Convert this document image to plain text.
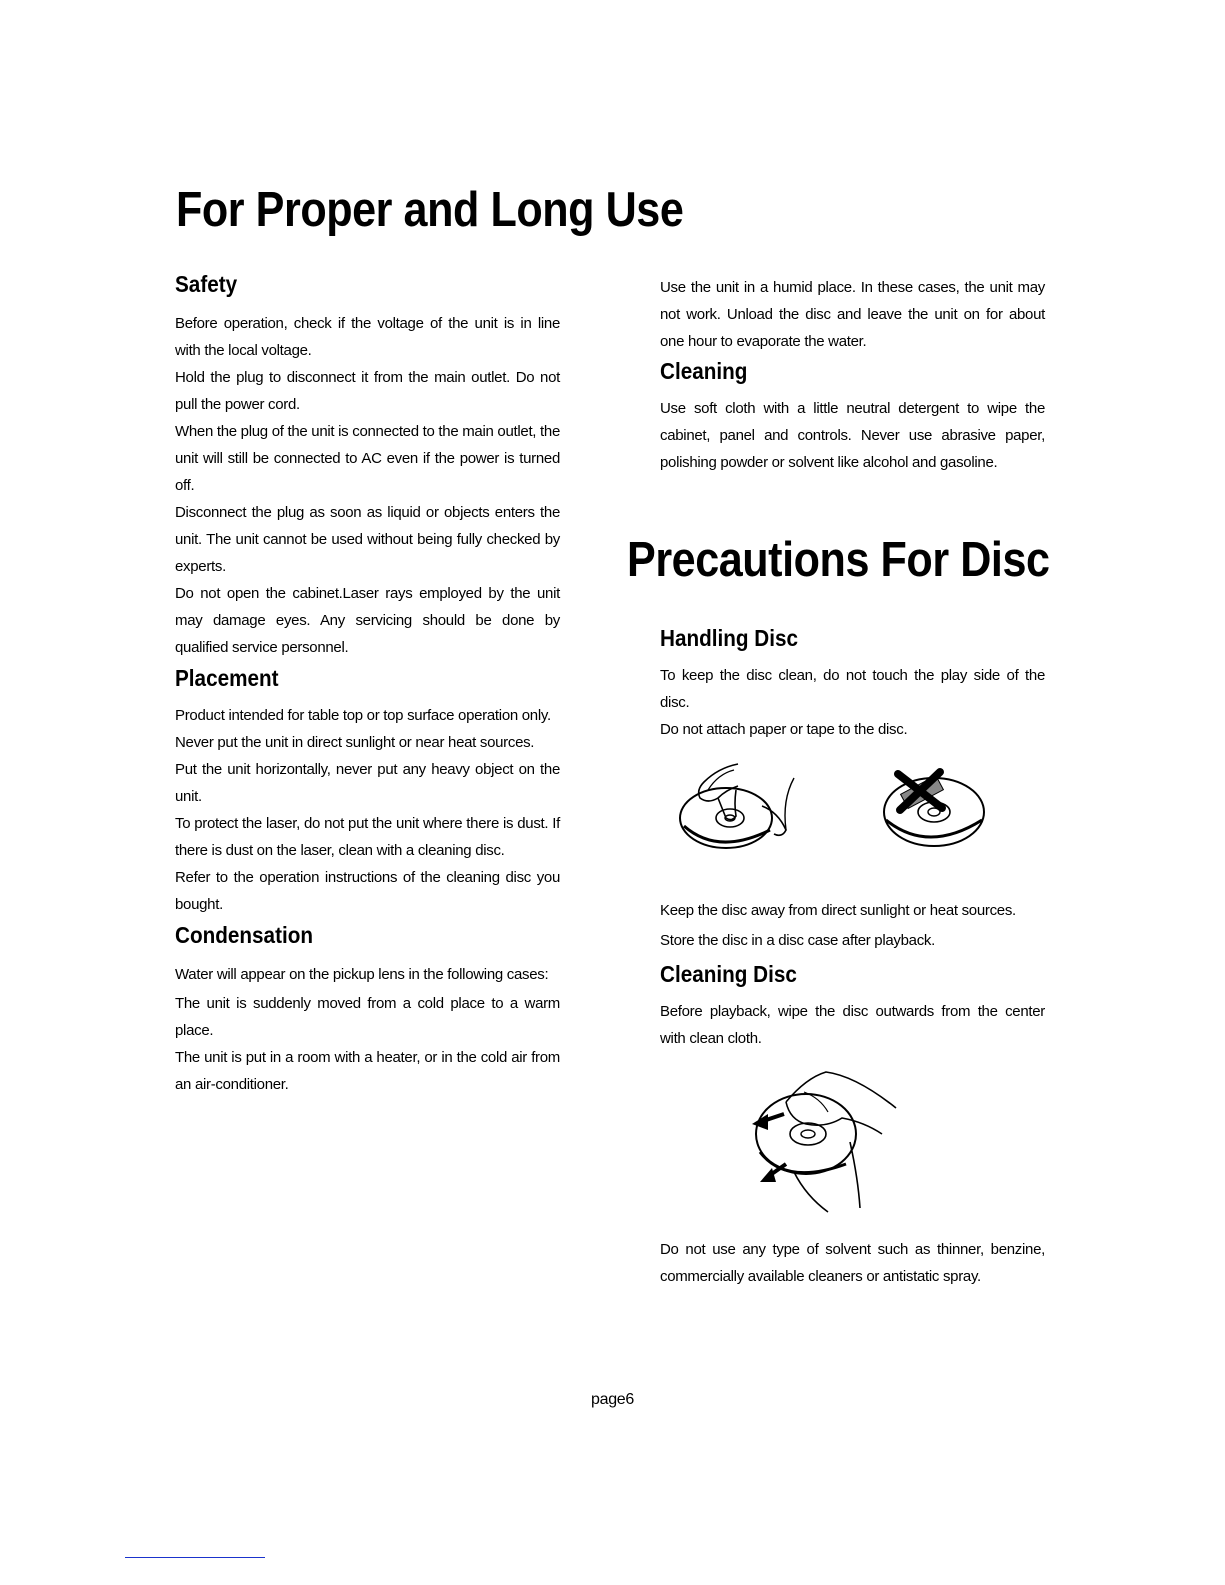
For Proper and Long Use
Safety

Before operation, check if the voltage of the unit is in line with the local voltage.

Hold the plug to disconnect it from the main outlet. Do not pull the power cord.

When the plug of the unit is connected to the main outlet, the unit will still be connected to AC even if the power is turned off.

Disconnect the plug as soon as liquid or objects enters the unit. The unit cannot be used without being fully checked by experts.

Do not open the cabinet.Laser rays employed by the unit may damage eyes. Any servicing should be done by qualified service personnel.

Placement

Product intended for table top or top surface operation only.

Never put the unit in direct sunlight or near heat sources.

Put the unit horizontally, never put any heavy object on the unit.

To protect the laser, do not put the unit where there is dust. If there is dust on the laser, clean with a cleaning disc.

Refer to the operation instructions of the cleaning disc you bought.

Condensation

Water will appear on the pickup lens in the following cases:

The unit is suddenly moved from a cold place to a warm place.

The unit is put in a room with a heater, or in the cold air from an air-conditioner.

Use the unit in a humid place. In these cases, the unit may not work. Unload the disc and leave the unit on for about one hour to evaporate the water.

Cleaning

Use soft cloth with a little neutral detergent to wipe the cabinet, panel and controls. Never use abrasive paper, polishing powder or solvent like alcohol and gasoline.

Precautions For Disc
Handling Disc

To keep the disc clean, do not touch the play side of the disc.

Do not attach paper or tape to the disc.

Keep the disc away from direct sunlight or heat sources.

Store the disc in a disc case after playback.

Cleaning Disc

Before playback, wipe the disc outwards from the center with clean cloth.

Do not use any type of solvent such as thinner, benzine, commercially available cleaners or antistatic spray.

page6
